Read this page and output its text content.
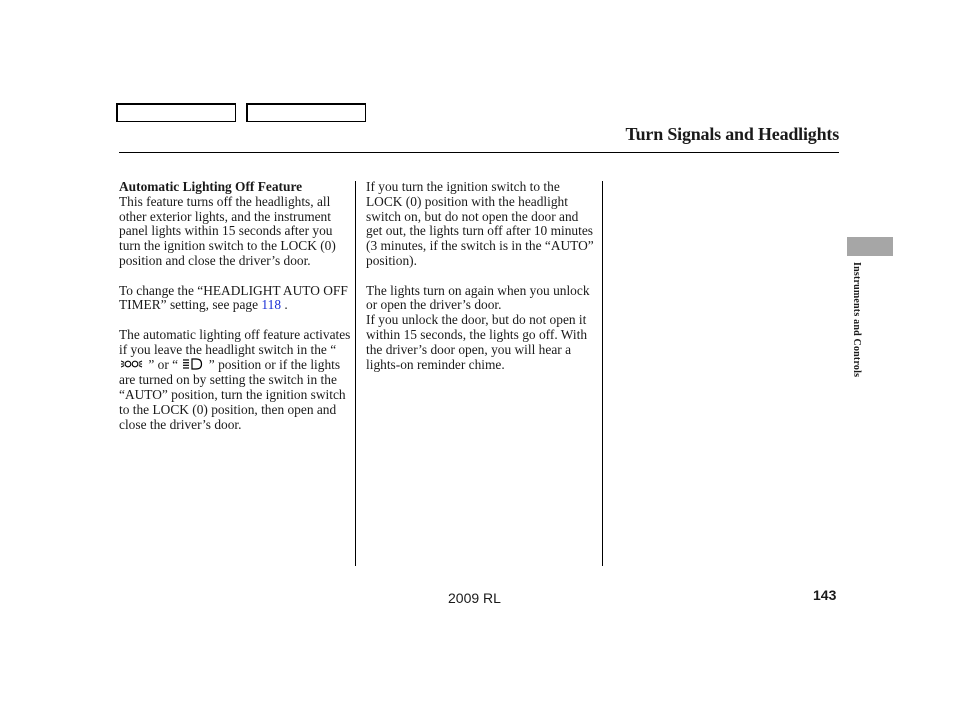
Turn Signals and Headlights

Automatic Lighting Off Feature

This feature turns off the headlights, all other exterior lights, and the instrument panel lights within 15 seconds after you turn the ignition switch to the LOCK (0) position and close the driver’s door.

To change the “HEADLIGHT AUTO OFF TIMER” setting, see page 118 .

The automatic lighting off feature activates if you leave the headlight switch in the “  ” or “  ” position or if the lights are turned on by setting the switch in the “AUTO” position, turn the ignition switch to the LOCK (0) position, then open and close the driver’s door.

If you turn the ignition switch to the LOCK (0) position with the headlight switch on, but do not open the door and get out, the lights turn off after 10 minutes (3 minutes, if the switch is in the “AUTO” position).

The lights turn on again when you unlock or open the driver’s door.

If you unlock the door, but do not open it within 15 seconds, the lights go off. With the driver’s door open, you will hear a lights-on reminder chime.	Instruments and Controls
2009 RL	143
